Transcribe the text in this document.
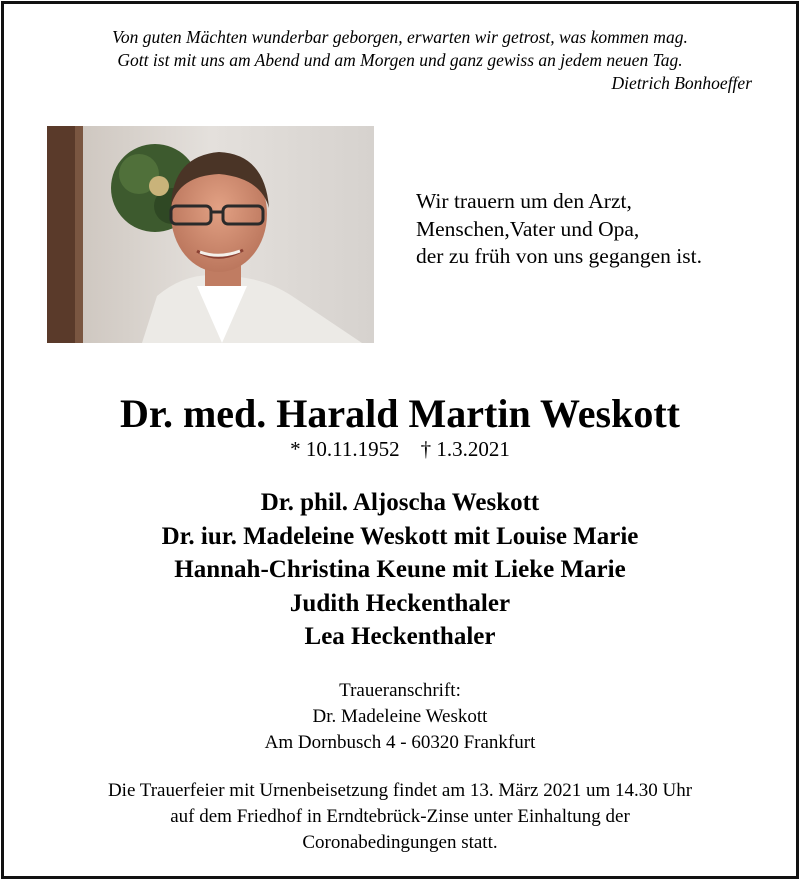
Von guten Mächten wunderbar geborgen, erwarten wir getrost, was kommen mag.
Gott ist mit uns am Abend und am Morgen und ganz gewiss an jedem neuen Tag.
Dietrich Bonhoeffer
Wir trauern um den Arzt,
Menschen,Vater und Opa,
der zu früh von uns gegangen ist.
Dr. med. Harald Martin Weskott
* 10.11.1952    † 1.3.2021
Dr. phil. Aljoscha Weskott
Dr. iur. Madeleine Weskott mit Louise Marie
Hannah-Christina Keune mit Lieke Marie
Judith Heckenthaler
Lea Heckenthaler
Traueranschrift:
Dr. Madeleine Weskott
Am Dornbusch 4 - 60320 Frankfurt
Die Trauerfeier mit Urnenbeisetzung findet am 13. März 2021 um 14.30 Uhr
auf dem Friedhof in Erndtebrück-Zinse unter Einhaltung der
Coronabedingungen statt.
